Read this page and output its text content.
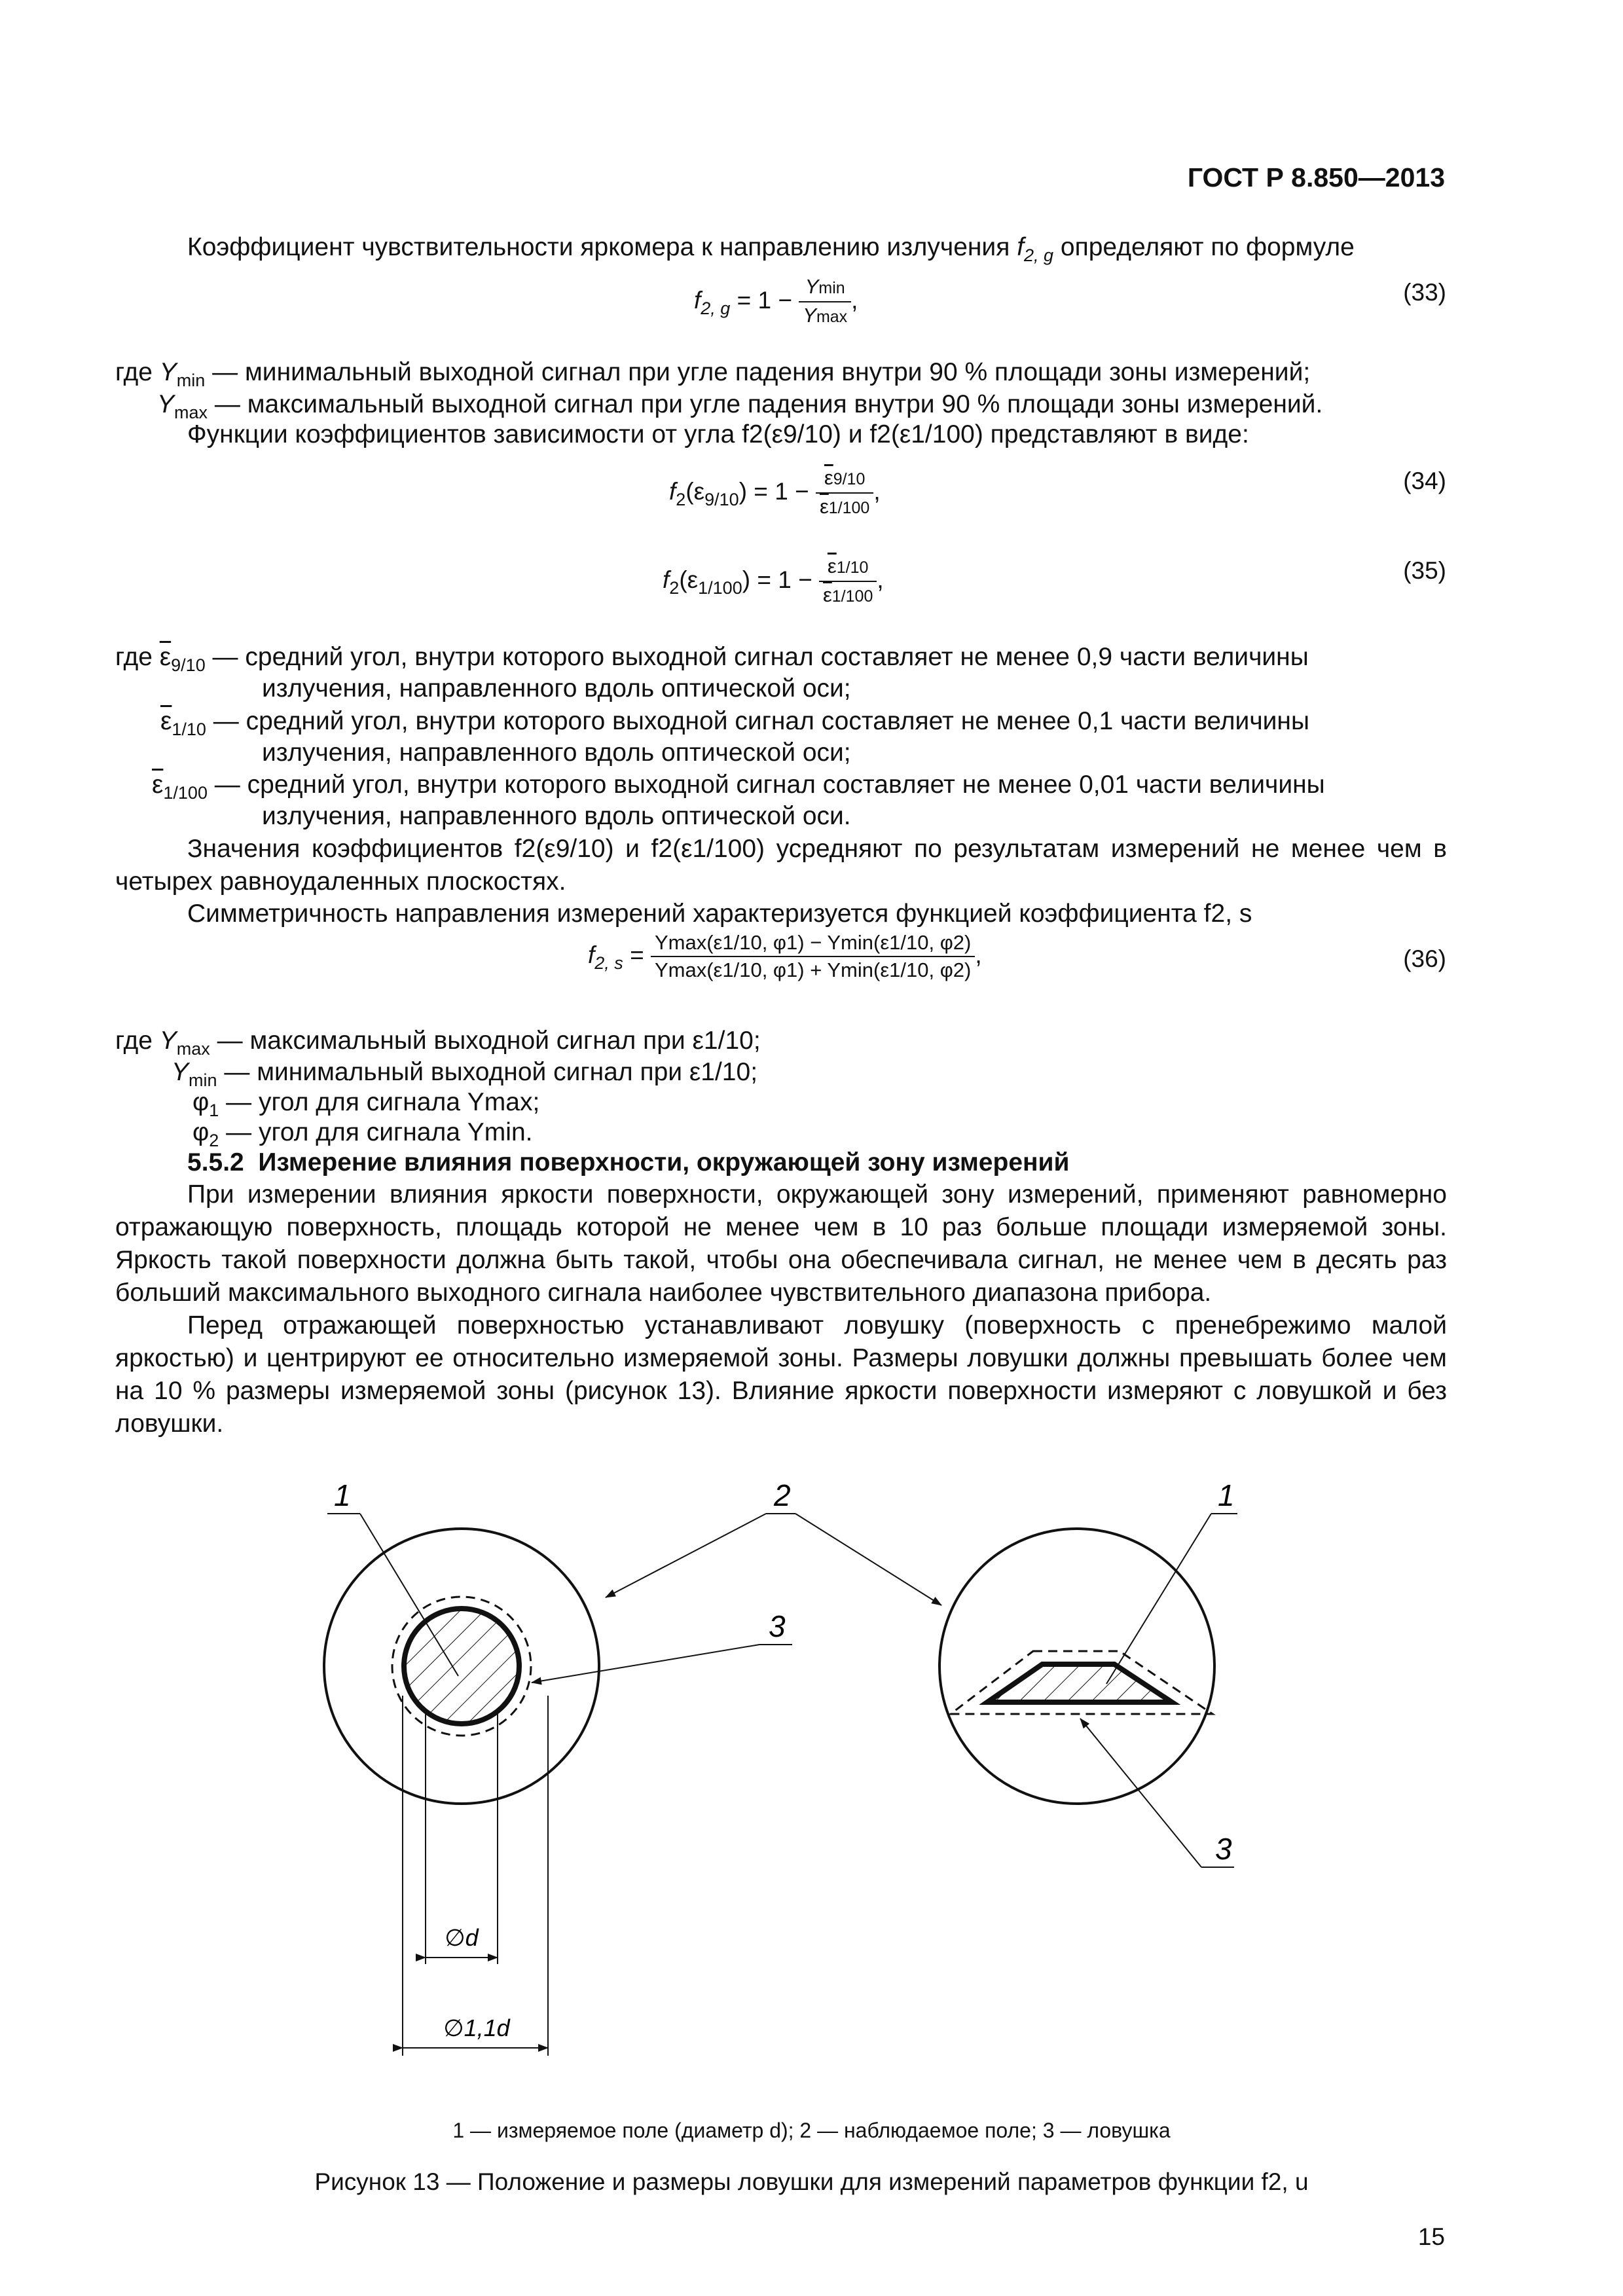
ГОСТ Р 8.850—2013
Коэффициент чувствительности яркомера к направлению излучения $f_{2, g}$ определяют по формуле
$f_{2, g} = 1 - \frac{Ymin}{Ymax}$ ,	(33)
где $Y_{min}$ — минимальный выходной сигнал при угле падения внутри 90 % площади зоны измерений;
$Y_{max}$ — максимальный выходной сигнал при угле падения внутри 90 % площади зоны измерений.
Функции коэффициентов зависимости от угла f2(ε9/10) и f2(ε1/100) представляют в виде:
$f_2(\varepsilon_{9/10}) = 1 - \frac{\overline{\varepsilon}9/10}{\overline{\varepsilon}1/100}$ ,	(34)
$f_2(\varepsilon_{1/100}) = 1 - \frac{\overline{\varepsilon}1/10}{\overline{\varepsilon}1/100}$ ,	(35)
где $\overline{\varepsilon}_{9/10}$ — средний угол, внутри которого выходной сигнал составляет не менее 0,9 части величины
излучения, направленного вдоль оптической оси;
$\overline{\varepsilon}_{1/10}$ — средний угол, внутри которого выходной сигнал составляет не менее 0,1 части величины
излучения, направленного вдоль оптической оси;
$\overline{\varepsilon}_{1/100}$ — средний угол, внутри которого выходной сигнал составляет не менее 0,01 части величины
излучения, направленного вдоль оптической оси.
Значения коэффициентов f2(ε9/10) и f2(ε1/100) усредняют по результатам измерений не менее чем в четырех равноудаленных плоскостях.
Симметричность направления измерений характеризуется функцией коэффициента f2, s
$f_{2, s} = \frac{Ymax(\varepsilon 1/10, \varphi 1) - Ymin(\varepsilon 1/10, \varphi 2)}{Ymax(\varepsilon 1/10, \varphi 1) + Ymin(\varepsilon 1/10, \varphi 2)}$ ,	(36)
где $Y_{max}$ — максимальный выходной сигнал при ε1/10;
$Y_{min}$ — минимальный выходной сигнал при ε1/10;
$\varphi_1$ — угол для сигнала Ymax;
$\varphi_2$ — угол для сигнала Ymin.
5.5.2 Измерение влияния поверхности, окружающей зону измерений
При измерении влияния яркости поверхности, окружающей зону измерений, применяют равномерно отражающую поверхность, площадь которой не менее чем в 10 раз больше площади измеряемой зоны. Яркость такой поверхности должна быть такой, чтобы она обеспечивала сигнал, не менее чем в десять раз больший максимального выходного сигнала наиболее чувствительного диапазона прибора.
Перед отражающей поверхностью устанавливают ловушку (поверхность с пренебрежимо малой яркостью) и центрируют ее относительно измеряемой зоны. Размеры ловушки должны превышать более чем на 10 % размеры измеряемой зоны (рисунок 13). Влияние яркости поверхности измеряют с ловушкой и без ловушки.
∅d
∅1,1d
1	2	1
3
3
1 — измеряемое поле (диаметр d); 2 — наблюдаемое поле; 3 — ловушка
Рисунок 13 — Положение и размеры ловушки для измерений параметров функции f2, u
15
